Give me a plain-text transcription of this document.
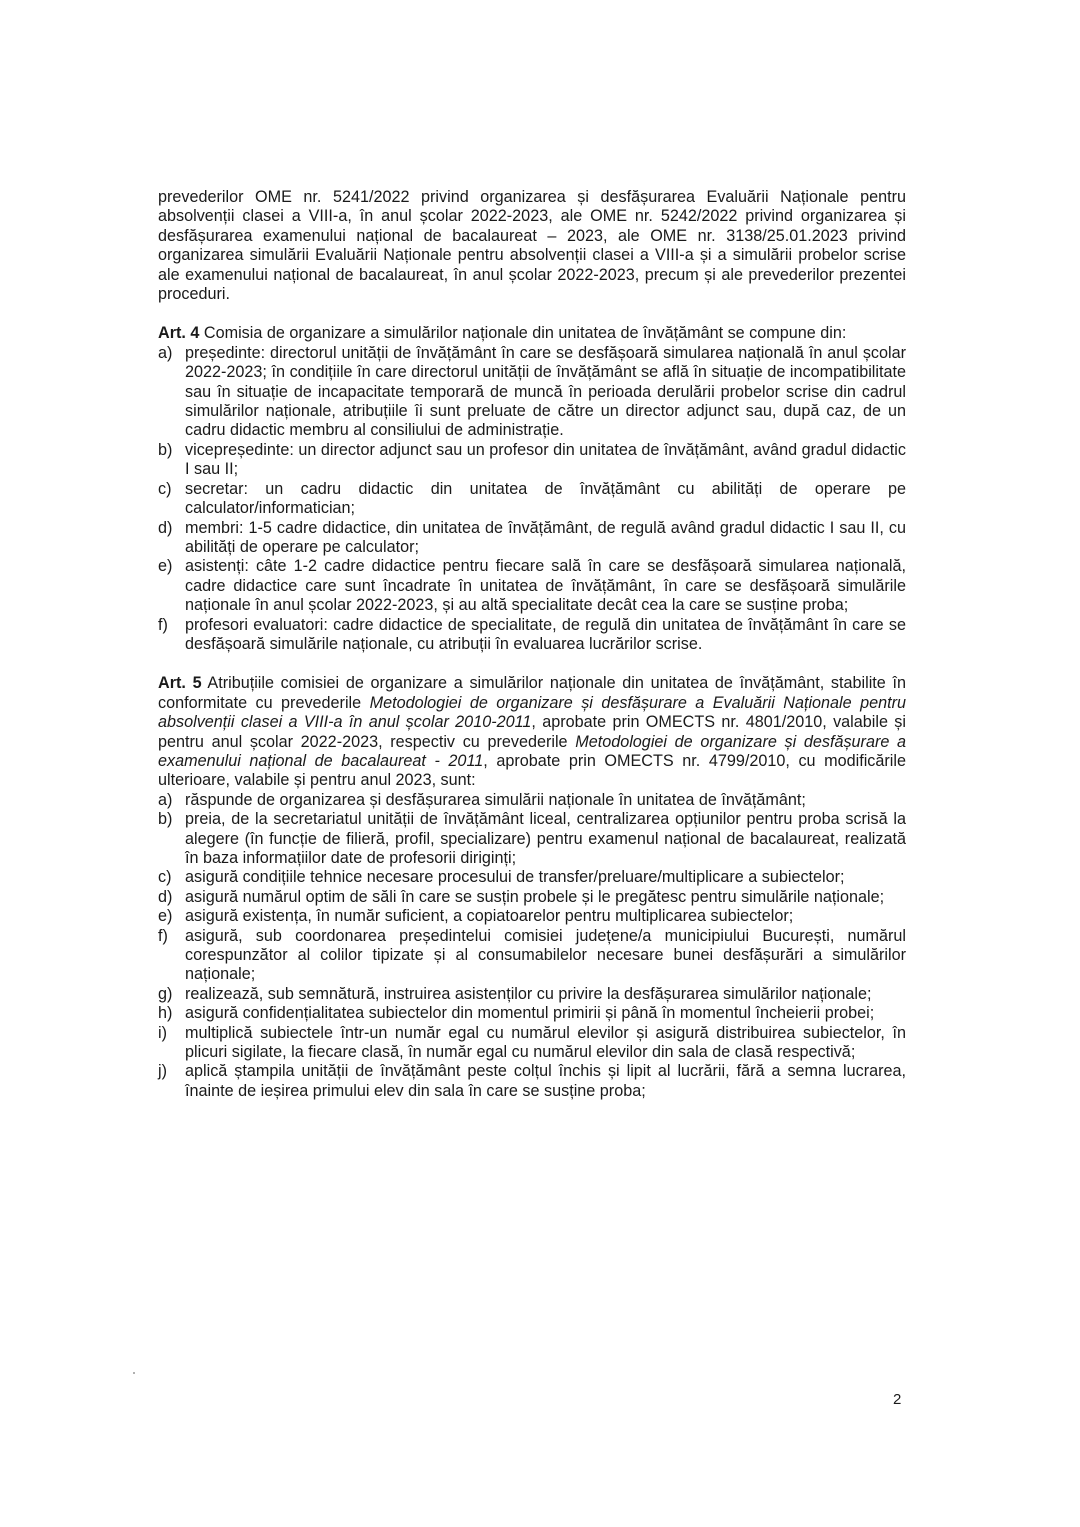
prevederilor OME nr. 5241/2022 privind organizarea și desfășurarea Evaluării Naționale pentru absolvenții clasei a VIII-a, în anul școlar 2022-2023, ale OME nr. 5242/2022 privind organizarea și desfășurarea examenului național de bacalaureat – 2023, ale OME nr. 3138/25.01.2023 privind organizarea simulării Evaluării Naționale pentru absolvenții clasei a VIII-a și a simulării probelor scrise ale examenului național de bacalaureat, în anul școlar 2022-2023, precum și ale prevederilor prezentei proceduri.

Art. 4 Comisia de organizare a simulărilor naționale din unitatea de învățământ se compune din:

a) președinte: directorul unității de învățământ în care se desfășoară simularea națională în anul școlar 2022-2023; în condițiile în care directorul unității de învățământ se află în situație de incompatibilitate sau în situație de incapacitate temporară de muncă în perioada derulării probelor scrise din cadrul simulărilor naționale, atribuțiile îi sunt preluate de către un director adjunct sau, după caz, de un cadru didactic membru al consiliului de administrație.
b) vicepreședinte: un director adjunct sau un profesor din unitatea de învățământ, având gradul didactic I sau II;
c) secretar: un cadru didactic din unitatea de învățământ cu abilități de operare pe calculator/informatician;
d) membri: 1-5 cadre didactice, din unitatea de învățământ, de regulă având gradul didactic I sau II, cu abilități de operare pe calculator;
e) asistenți: câte 1-2 cadre didactice pentru fiecare sală în care se desfășoară simularea națională, cadre didactice care sunt încadrate în unitatea de învățământ, în care se desfășoară simulările naționale în anul școlar 2022-2023, și au altă specialitate decât cea la care se susține proba;
f)	profesori evaluatori: cadre didactice de specialitate, de regulă din unitatea de învățământ în care se desfășoară simulările naționale, cu atribuții în evaluarea lucrărilor scrise.

Art. 5 Atribuțiile comisiei de organizare a simulărilor naționale din unitatea de învățământ, stabilite în conformitate cu prevederile Metodologiei de organizare și desfășurare a Evaluării Naționale pentru absolvenții clasei a VIII-a în anul școlar 2010-2011, aprobate prin OMECTS nr. 4801/2010, valabile și pentru anul școlar 2022-2023, respectiv cu prevederile Metodologiei de organizare și desfășurare a examenului național de bacalaureat - 2011, aprobate prin OMECTS nr. 4799/2010, cu modificările ulterioare, valabile și pentru anul 2023, sunt:

a) răspunde de organizarea și desfășurarea simulării naționale în unitatea de învățământ;
b) preia, de la secretariatul unității de învățământ liceal, centralizarea opțiunilor pentru proba scrisă la alegere (în funcție de filieră, profil, specializare) pentru examenul național de bacalaureat, realizată în baza informațiilor date de profesorii diriginți;
c) asigură condițiile tehnice necesare procesului de transfer/preluare/multiplicare a subiectelor;
d) asigură numărul optim de săli în care se susțin probele și le pregătesc pentru simulările naționale;
e) asigură existența, în număr suficient, a copiatoarelor pentru multiplicarea subiectelor;
f)	asigură, sub coordonarea președintelui comisiei județene/a municipiului București, numărul corespunzător al colilor tipizate și al consumabilelor necesare bunei desfășurări a simulărilor naționale;
g) realizează, sub semnătură, instruirea asistenților cu privire la desfășurarea simulărilor naționale;
h) asigură confidențialitatea subiectelor din momentul primirii și până în momentul încheierii probei;
i)	multiplică subiectele într-un număr egal cu numărul elevilor și asigură distribuirea subiectelor, în plicuri sigilate, la fiecare clasă, în număr egal cu numărul elevilor din sala de clasă respectivă;
j)	aplică ștampila unității de învățământ peste colțul închis și lipit al lucrării, fără a semna lucrarea, înainte de ieșirea primului elev din sala în care se susține proba;
2
